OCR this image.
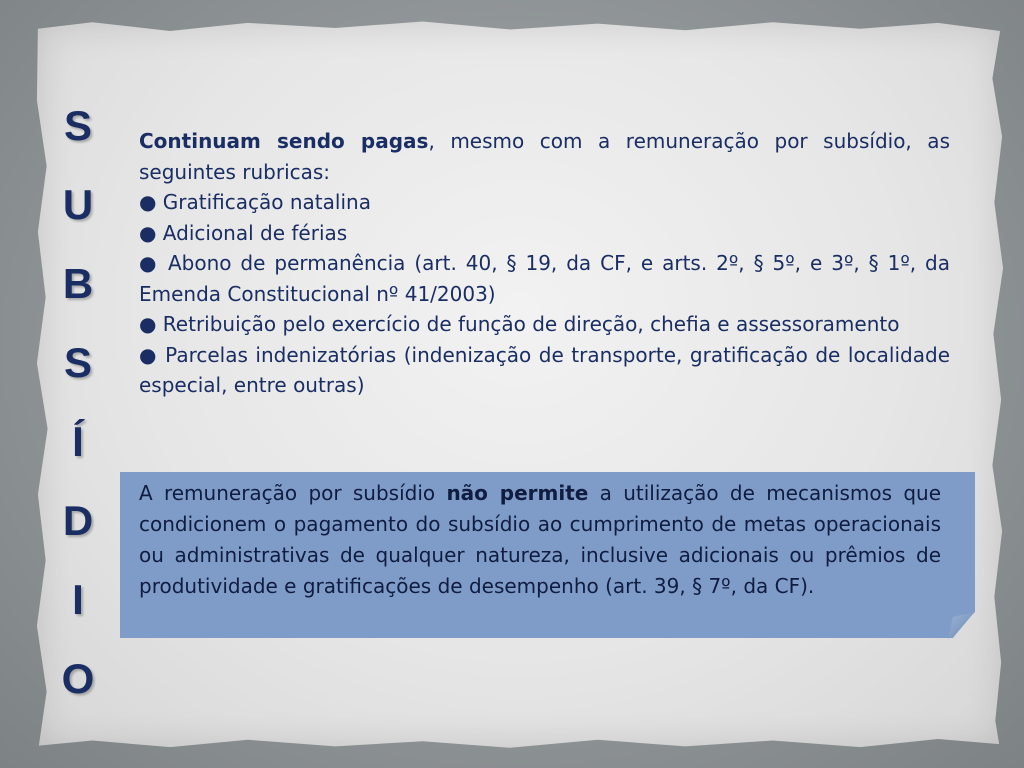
S
U
B
S
Í
D
I
O

Continuam sendo pagas, mesmo com a remuneração por subsídio, as seguintes rubricas:

● Gratificação natalina

● Adicional de férias

● Abono de permanência (art. 40, § 19, da CF, e arts. 2º, § 5º, e 3º, § 1º, da Emenda Constitucional nº 41/2003)

● Retribuição pelo exercício de função de direção, chefia e assessoramento

● Parcelas indenizatórias (indenização de transporte, gratificação de localidade especial, entre outras)

A remuneração por subsídio não permite a utilização de mecanismos que condicionem o pagamento do subsídio ao cumprimento de metas operacionais ou administrativas de qualquer natureza, inclusive adicionais ou prêmios de produtividade e gratificações de desempenho (art. 39, § 7º, da CF).
